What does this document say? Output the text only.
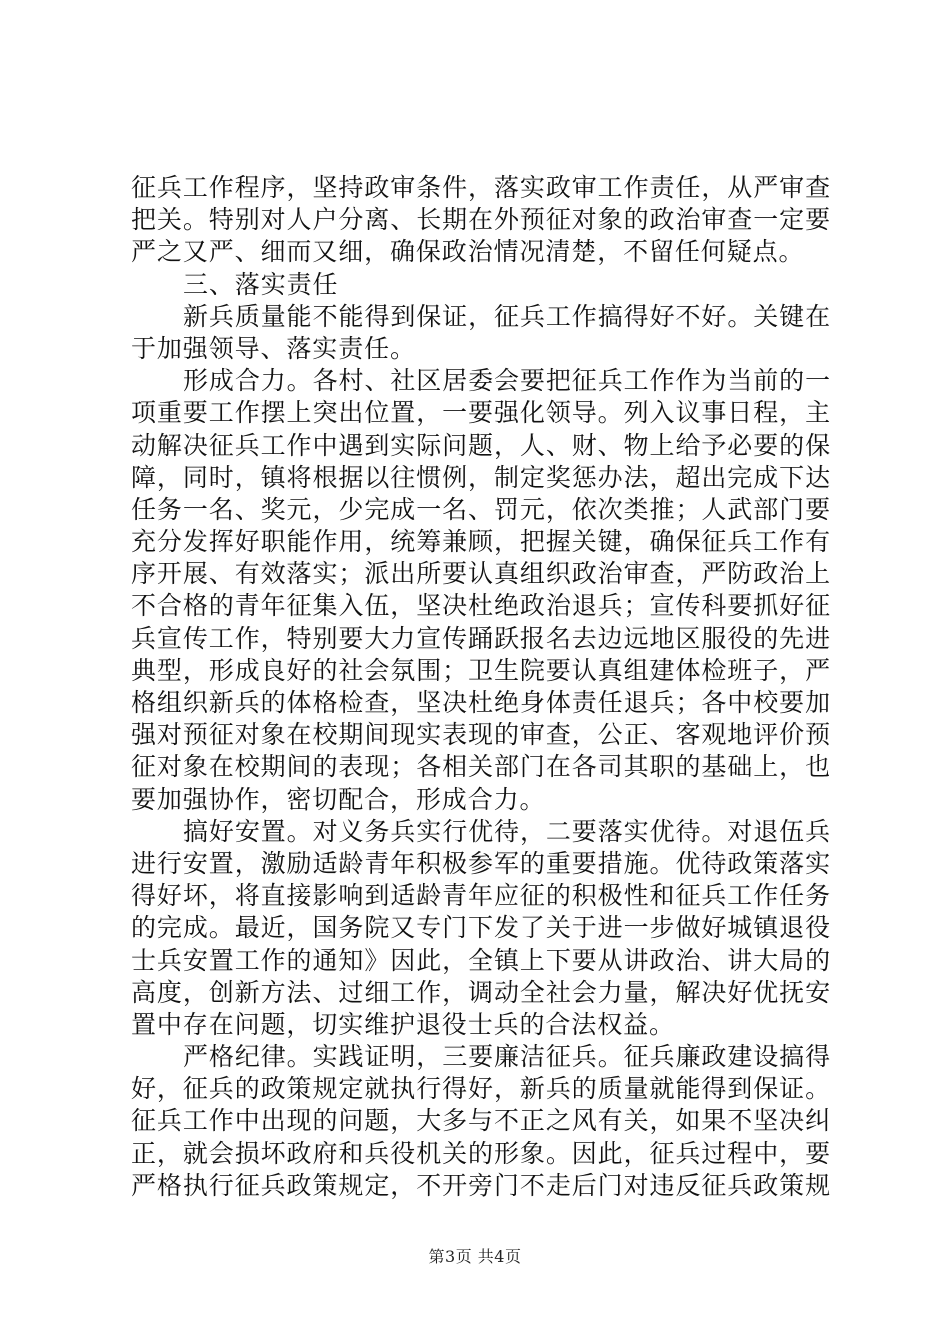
征兵工作程序，坚持政审条件，落实政审工作责任，从严审查
把关。特别对人户分离、长期在外预征对象的政治审查一定要
严之又严、细而又细，确保政治情况清楚，不留任何疑点。
三、落实责任
新兵质量能不能得到保证，征兵工作搞得好不好。关键在
于加强领导、落实责任。
形成合力。各村、社区居委会要把征兵工作作为当前的一
项重要工作摆上突出位置，一要强化领导。列入议事日程，主
动解决征兵工作中遇到实际问题，人、财、物上给予必要的保
障，同时，镇将根据以往惯例，制定奖惩办法，超出完成下达
任务一名、奖元，少完成一名、罚元，依次类推；人武部门要
充分发挥好职能作用，统筹兼顾，把握关键，确保征兵工作有
序开展、有效落实；派出所要认真组织政治审查，严防政治上
不合格的青年征集入伍，坚决杜绝政治退兵；宣传科要抓好征
兵宣传工作，特别要大力宣传踊跃报名去边远地区服役的先进
典型，形成良好的社会氛围；卫生院要认真组建体检班子，严
格组织新兵的体格检查，坚决杜绝身体责任退兵；各中校要加
强对预征对象在校期间现实表现的审查，公正、客观地评价预
征对象在校期间的表现；各相关部门在各司其职的基础上，也
要加强协作，密切配合，形成合力。
搞好安置。对义务兵实行优待，二要落实优待。对退伍兵
进行安置，激励适龄青年积极参军的重要措施。优待政策落实
得好坏，将直接影响到适龄青年应征的积极性和征兵工作任务
的完成。最近，国务院又专门下发了关于进一步做好城镇退役
士兵安置工作的通知》因此，全镇上下要从讲政治、讲大局的
高度，创新方法、过细工作，调动全社会力量，解决好优抚安
置中存在问题，切实维护退役士兵的合法权益。
严格纪律。实践证明，三要廉洁征兵。征兵廉政建设搞得
好，征兵的政策规定就执行得好，新兵的质量就能得到保证。
征兵工作中出现的问题，大多与不正之风有关，如果不坚决纠
正，就会损坏政府和兵役机关的形象。因此，征兵过程中，要
严格执行征兵政策规定，不开旁门不走后门对违反征兵政策规
第3页 共4页
